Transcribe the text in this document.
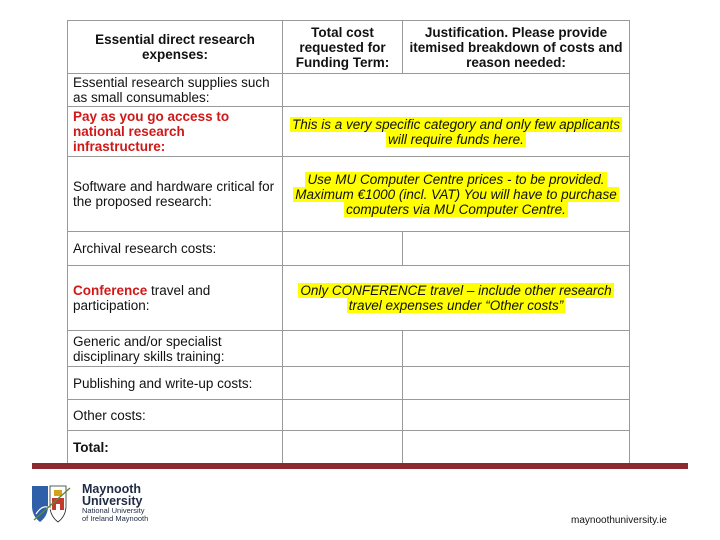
Essential direct research expenses:	Total cost requested for Funding Term:	Justification. Please provide itemised breakdown of costs and reason needed:
Essential research supplies such as small consumables:		
Pay as you go access to national research infrastructure:	This is a very specific category and only few applicants will require funds here.	
Software and hardware critical for the proposed research:	Use MU Computer Centre prices - to be provided. Maximum €1000 (incl. VAT) You will have to purchase computers via MU Computer Centre.	
Archival research costs:		
Conference travel and participation:	Only CONFERENCE travel – include other research travel expenses under “Other costs”	
Generic and/or specialist disciplinary skills training:		
Publishing and write-up costs:		
Other costs:		
Total:		
Maynooth
University
National University
of Ireland Maynooth	maynoothuniversity.ie
